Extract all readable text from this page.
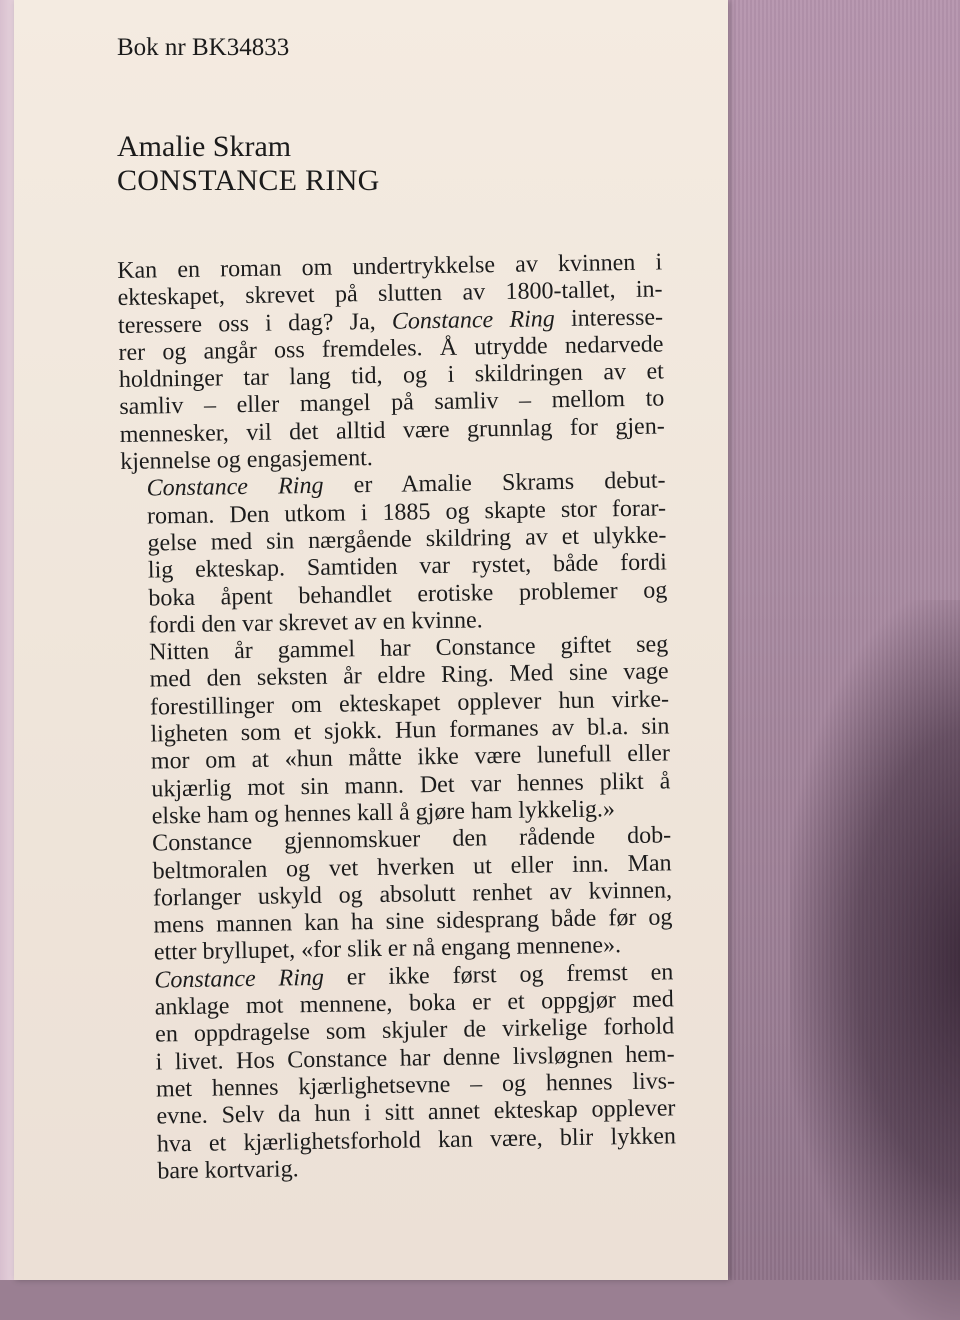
Bok nr BK34833
Amalie Skram
CONSTANCE RING

Kan en roman om undertrykkelse av kvinnen i
ekteskapet, skrevet på slutten av 1800-tallet, in-
teressere oss i dag? Ja, Constance Ring interesse-
rer og angår oss fremdeles. Å utrydde nedarvede
holdninger tar lang tid, og i skildringen av et
samliv – eller mangel på samliv – mellom to
mennesker, vil det alltid være grunnlag for gjen-
kjennelse og engasjement.

Constance Ring er Amalie Skrams debut-
roman. Den utkom i 1885 og skapte stor forar-
gelse med sin nærgående skildring av et ulykke-
lig ekteskap. Samtiden var rystet, både fordi
boka åpent behandlet erotiske problemer og
fordi den var skrevet av en kvinne.

Nitten år gammel har Constance giftet seg
med den seksten år eldre Ring. Med sine vage
forestillinger om ekteskapet opplever hun virke-
ligheten som et sjokk. Hun formanes av bl.a. sin
mor om at «hun måtte ikke være lunefull eller
ukjærlig mot sin mann. Det var hennes plikt å
elske ham og hennes kall å gjøre ham lykkelig.»

Constance gjennomskuer den rådende dob-
beltmoralen og vet hverken ut eller inn. Man
forlanger uskyld og absolutt renhet av kvinnen,
mens mannen kan ha sine sidesprang både før og
etter bryllupet, «for slik er nå engang mennene».

Constance Ring er ikke først og fremst en
anklage mot mennene, boka er et oppgjør med
en oppdragelse som skjuler de virkelige forhold
i livet. Hos Constance har denne livsløgnen hem-
met hennes kjærlighetsevne – og hennes livs-
evne. Selv da hun i sitt annet ekteskap opplever
hva et kjærlighetsforhold kan være, blir lykken
bare kortvarig.
